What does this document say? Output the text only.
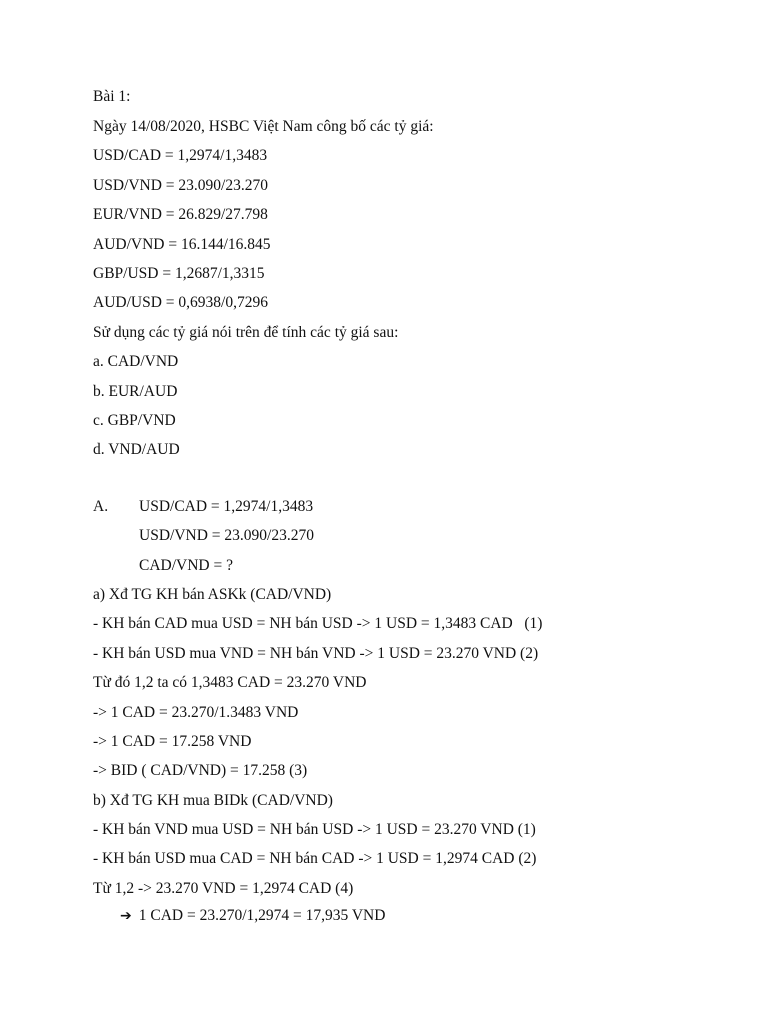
Bài 1:
Ngày 14/08/2020, HSBC Việt Nam công bố các tỷ giá:
USD/CAD = 1,2974/1,3483
USD/VND = 23.090/23.270
EUR/VND = 26.829/27.798
AUD/VND = 16.144/16.845
GBP/USD = 1,2687/1,3315
AUD/USD = 0,6938/0,7296
Sử dụng các tỷ giá nói trên để tính các tỷ giá sau:
a. CAD/VND
b. EUR/AUD
c. GBP/VND
d. VND/AUD
A. USD/CAD = 1,2974/1,3483
USD/VND = 23.090/23.270
CAD/VND = ?
a) Xđ TG KH bán ASKk (CAD/VND)
- KH bán CAD mua USD = NH bán USD -> 1 USD = 1,3483 CAD   (1)
- KH bán USD mua VND = NH bán VND -> 1 USD = 23.270 VND (2)
Từ đó 1,2 ta có 1,3483 CAD = 23.270 VND
-> 1 CAD = 23.270/1.3483 VND
-> 1 CAD = 17.258 VND
-> BID ( CAD/VND) = 17.258 (3)
b) Xđ TG KH mua BIDk (CAD/VND)
- KH bán VND mua USD = NH bán USD -> 1 USD = 23.270 VND (1)
- KH bán USD mua CAD = NH bán CAD -> 1 USD = 1,2974 CAD (2)
Từ 1,2 -> 23.270 VND = 1,2974 CAD (4)
➔ 1 CAD = 23.270/1,2974 = 17,935 VND
